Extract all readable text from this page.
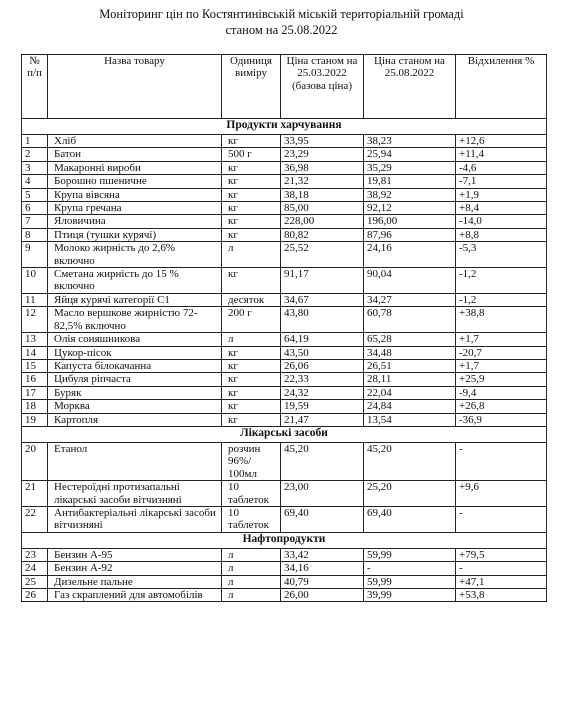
Моніторинг цін по Костянтинівській міській територіальній громаді
станом на 25.08.2022
№ п/п	Назва товару	Одиниця виміру	Ціна станом на 25.03.2022 (базова ціна)	Ціна станом на 25.08.2022	Відхилення %
Продукти харчування					
1	Хліб	кг	33,95	38,23	+12,6
2	Батон	500 г	23,29	25,94	+11,4
3	Макаронні вироби	кг	36,98	35,29	-4,6
4	Борошно пшеничне	кг	21,32	19,81	-7,1
5	Крупа вівсяна	кг	38,18	38,92	+1,9
6	Крупа гречана	кг	85,00	92,12	+8,4
7	Яловичина	кг	228,00	196,00	-14,0
8	Птиця (тушки курячі)	кг	80,82	87,96	+8,8
9	Молоко жирність до 2,6% включно	л	25,52	24,16	-5,3
10	Сметана жирність до 15 % включно	кг	91,17	90,04	-1,2
11	Яйця курячі категорії С1	десяток	34,67	34,27	-1,2
12	Масло вершкове жирністю 72-82,5% включно	200 г	43,80	60,78	+38,8
13	Олія соняшникова	л	64,19	65,28	+1,7
14	Цукор-пісок	кг	43,50	34,48	-20,7
15	Капуста білокачанна	кг	26,06	26,51	+1,7
16	Цибуля ріпчаста	кг	22,33	28,11	+25,9
17	Буряк	кг	24,32	22,04	-9,4
18	Морква	кг	19,59	24,84	+26,8
19	Картопля	кг	21,47	13,54	-36,9
Лікарські засоби					
20	Етанол	розчин 96%/ 100мл	45,20	45,20	-
21	Нестероїдні протизапальні лікарські засоби вітчизняні	10 таблеток	23,00	25,20	+9,6
22	Антибактеріальні лікарські засоби вітчизняні	10 таблеток	69,40	69,40	-
Нафтопродукти					
23	Бензин А-95	л	33,42	59,99	+79,5
24	Бензин А-92	л	34,16	-	-
25	Дизельне пальне	л	40,79	59,99	+47,1
26	Газ скраплений для автомобілів	л	26,00	39,99	+53,8
